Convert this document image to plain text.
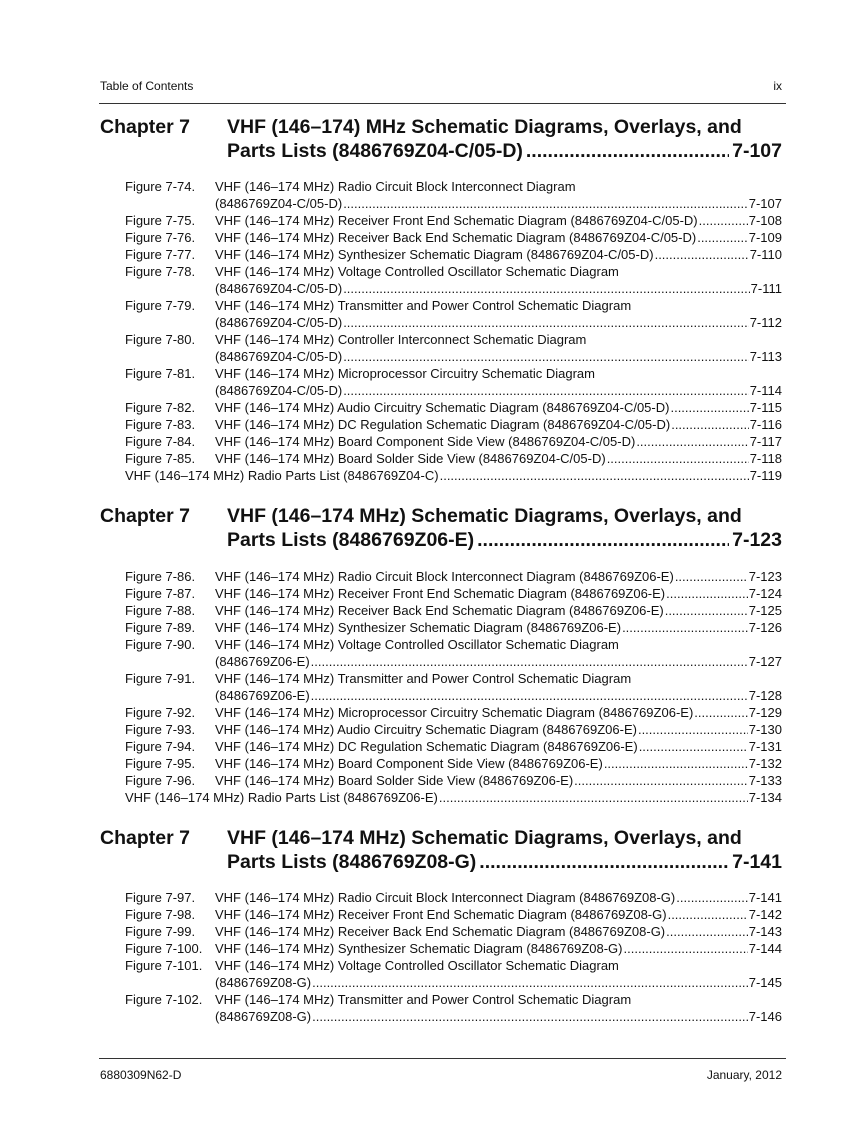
Table of Contents	ix
Chapter 7 VHF (146–174) MHz Schematic Diagrams, Overlays, and
Parts Lists (8486769Z04-C/05-D) .....	7-107
Figure 7-74. VHF (146–174 MHz) Radio Circuit Block Interconnect Diagram
(8486769Z04-C/05-D) .....	7-107
Figure 7-75. VHF (146–174 MHz) Receiver Front End Schematic Diagram (8486769Z04-C/05-D) .....	7-108
Figure 7-76. VHF (146–174 MHz) Receiver Back End Schematic Diagram (8486769Z04-C/05-D) .....	7-109
Figure 7-77. VHF (146–174 MHz) Synthesizer Schematic Diagram (8486769Z04-C/05-D) .....	7-110
Figure 7-78. VHF (146–174 MHz) Voltage Controlled Oscillator Schematic Diagram
(8486769Z04-C/05-D) .....	7-111
Figure 7-79. VHF (146–174 MHz) Transmitter and Power Control Schematic Diagram
(8486769Z04-C/05-D) .....	7-112
Figure 7-80. VHF (146–174 MHz) Controller Interconnect Schematic Diagram
(8486769Z04-C/05-D) .....	7-113
Figure 7-81. VHF (146–174 MHz) Microprocessor Circuitry Schematic Diagram
(8486769Z04-C/05-D) .....	7-114
Figure 7-82. VHF (146–174 MHz) Audio Circuitry Schematic Diagram (8486769Z04-C/05-D) .....	7-115
Figure 7-83. VHF (146–174 MHz) DC Regulation Schematic Diagram (8486769Z04-C/05-D) .....	7-116
Figure 7-84. VHF (146–174 MHz) Board Component Side View (8486769Z04-C/05-D) .....	7-117
Figure 7-85. VHF (146–174 MHz) Board Solder Side View (8486769Z04-C/05-D) .....	7-118
VHF (146–174 MHz) Radio Parts List (8486769Z04-C) .....	7-119
Chapter 7 VHF (146–174 MHz) Schematic Diagrams, Overlays, and
Parts Lists (8486769Z06-E) .....	7-123
Figure 7-86. VHF (146–174 MHz) Radio Circuit Block Interconnect Diagram (8486769Z06-E) .....	7-123
Figure 7-87. VHF (146–174 MHz) Receiver Front End Schematic Diagram (8486769Z06-E) .....	7-124
Figure 7-88. VHF (146–174 MHz) Receiver Back End Schematic Diagram (8486769Z06-E) .....	7-125
Figure 7-89. VHF (146–174 MHz) Synthesizer Schematic Diagram (8486769Z06-E) .....	7-126
Figure 7-90. VHF (146–174 MHz) Voltage Controlled Oscillator Schematic Diagram
(8486769Z06-E) .....	7-127
Figure 7-91. VHF (146–174 MHz) Transmitter and Power Control Schematic Diagram
(8486769Z06-E) .....	7-128
Figure 7-92. VHF (146–174 MHz) Microprocessor Circuitry Schematic Diagram (8486769Z06-E) .....	7-129
Figure 7-93. VHF (146–174 MHz) Audio Circuitry Schematic Diagram (8486769Z06-E) .....	7-130
Figure 7-94. VHF (146–174 MHz) DC Regulation Schematic Diagram (8486769Z06-E) .....	7-131
Figure 7-95. VHF (146–174 MHz) Board Component Side View (8486769Z06-E) .....	7-132
Figure 7-96. VHF (146–174 MHz) Board Solder Side View (8486769Z06-E) .....	7-133
VHF (146–174 MHz) Radio Parts List (8486769Z06-E) .....	7-134
Chapter 7 VHF (146–174 MHz) Schematic Diagrams, Overlays, and
Parts Lists (8486769Z08-G) .....	7-141
Figure 7-97. VHF (146–174 MHz) Radio Circuit Block Interconnect Diagram (8486769Z08-G) .....	7-141
Figure 7-98. VHF (146–174 MHz) Receiver Front End Schematic Diagram (8486769Z08-G) .....	7-142
Figure 7-99. VHF (146–174 MHz) Receiver Back End Schematic Diagram (8486769Z08-G) .....	7-143
Figure 7-100. VHF (146–174 MHz) Synthesizer Schematic Diagram (8486769Z08-G) .....	7-144
Figure 7-101. VHF (146–174 MHz) Voltage Controlled Oscillator Schematic Diagram
(8486769Z08-G) .....	7-145
Figure 7-102. VHF (146–174 MHz) Transmitter and Power Control Schematic Diagram
(8486769Z08-G) .....	7-146
6880309N62-D	January, 2012
